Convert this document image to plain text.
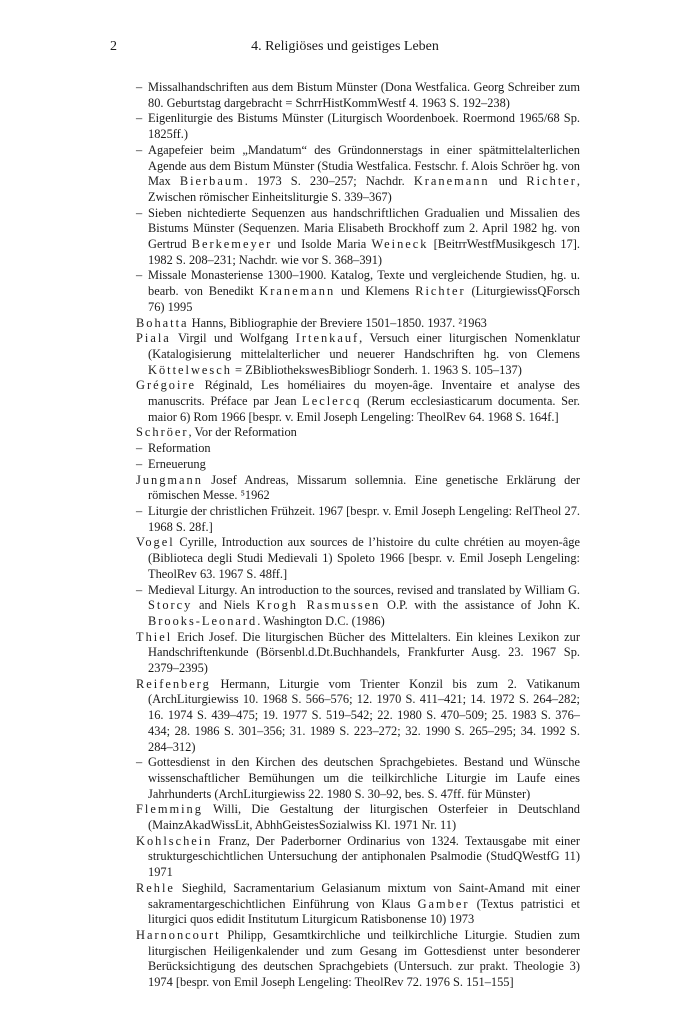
2	4. Religiöses und geistiges Leben

– Missalhandschriften aus dem Bistum Münster (Dona Westfalica. Georg Schreiber zum 80. Geburtstag dargebracht = SchrrHistKommWestf 4. 1963 S. 192–238)

– Eigenliturgie des Bistums Münster (Liturgisch Woordenboek. Roermond 1965/68 Sp. 1825ff.)

– Agapefeier beim „Mandatum“ des Gründonnerstags in einer spätmittelalterlichen Agende aus dem Bistum Münster (Studia Westfalica. Festschr. f. Alois Schröer hg. von Max Bierbaum. 1973 S. 230–257; Nachdr. Kranemann und Richter, Zwischen römischer Einheitsliturgie S. 339–367)

– Sieben nichtedierte Sequenzen aus handschriftlichen Gradualien und Missalien des Bistums Münster (Sequenzen. Maria Elisabeth Brockhoff zum 2. April 1982 hg. von Gertrud Berkemeyer und Isolde Maria Weineck [BeitrrWestfMusikgesch 17]. 1982 S. 208–231; Nachdr. wie vor S. 368–391)

– Missale Monasteriense 1300–1900. Katalog, Texte und vergleichende Studien, hg. u. bearb. von Benedikt Kranemann und Klemens Richter (LiturgiewissQForsch 76) 1995

Bohatta Hanns, Bibliographie der Breviere 1501–1850. 1937. ²1963

Piala Virgil und Wolfgang Irtenkauf, Versuch einer liturgischen Nomenklatur (Katalogisierung mittelalterlicher und neuerer Handschriften hg. von Clemens Köttelwesch = ZBibliothekswesBibliogr Sonderh. 1. 1963 S. 105–137)

Grégoire Réginald, Les homéliaires du moyen-âge. Inventaire et analyse des manuscrits. Préface par Jean Leclercq (Rerum ecclesiasticarum documenta. Ser. maior 6) Rom 1966 [bespr. v. Emil Joseph Lengeling: TheolRev 64. 1968 S. 164f.]

Schröer, Vor der Reformation

– Reformation

– Erneuerung

Jungmann Josef Andreas, Missarum sollemnia. Eine genetische Erklärung der römischen Messe. ⁵1962

– Liturgie der christlichen Frühzeit. 1967 [bespr. v. Emil Joseph Lengeling: RelTheol 27. 1968 S. 28f.]

Vogel Cyrille, Introduction aux sources de l’histoire du culte chrétien au moyen-âge (Biblioteca degli Studi Medievali 1) Spoleto 1966 [bespr. v. Emil Joseph Lengeling: TheolRev 63. 1967 S. 48ff.]

– Medieval Liturgy. An introduction to the sources, revised and translated by William G. Storcy and Niels Krogh Rasmussen O.P. with the assistance of John K. Brooks-Leonard. Washington D.C. (1986)

Thiel Erich Josef. Die liturgischen Bücher des Mittelalters. Ein kleines Lexikon zur Handschriftenkunde (Börsenbl.d.Dt.Buchhandels, Frankfurter Ausg. 23. 1967 Sp. 2379–2395)

Reifenberg Hermann, Liturgie vom Trienter Konzil bis zum 2. Vatikanum (ArchLiturgiewiss 10. 1968 S. 566–576; 12. 1970 S. 411–421; 14. 1972 S. 264–282; 16. 1974 S. 439–475; 19. 1977 S. 519–542; 22. 1980 S. 470–509; 25. 1983 S. 376–434; 28. 1986 S. 301–356; 31. 1989 S. 223–272; 32. 1990 S. 265–295; 34. 1992 S. 284–312)

– Gottesdienst in den Kirchen des deutschen Sprachgebietes. Bestand und Wünsche wissenschaftlicher Bemühungen um die teilkirchliche Liturgie im Laufe eines Jahrhunderts (ArchLiturgiewiss 22. 1980 S. 30–92, bes. S. 47ff. für Münster)

Flemming Willi, Die Gestaltung der liturgischen Osterfeier in Deutschland (MainzAkadWissLit, AbhhGeistesSozialwiss Kl. 1971 Nr. 11)

Kohlschein Franz, Der Paderborner Ordinarius von 1324. Textausgabe mit einer strukturgeschichtlichen Untersuchung der antiphonalen Psalmodie (StudQWestfG 11) 1971

Rehle Sieghild, Sacramentarium Gelasianum mixtum von Saint-Amand mit einer sakramentargeschichtlichen Einführung von Klaus Gamber (Textus patristici et liturgici quos edidit Institutum Liturgicum Ratisbonense 10) 1973

Harnoncourt Philipp, Gesamtkirchliche und teilkirchliche Liturgie. Studien zum liturgischen Heiligenkalender und zum Gesang im Gottesdienst unter besonderer Berücksichtigung des deutschen Sprachgebiets (Untersuch. zur prakt. Theologie 3) 1974 [bespr. von Emil Joseph Lengeling: TheolRev 72. 1976 S. 151–155]
